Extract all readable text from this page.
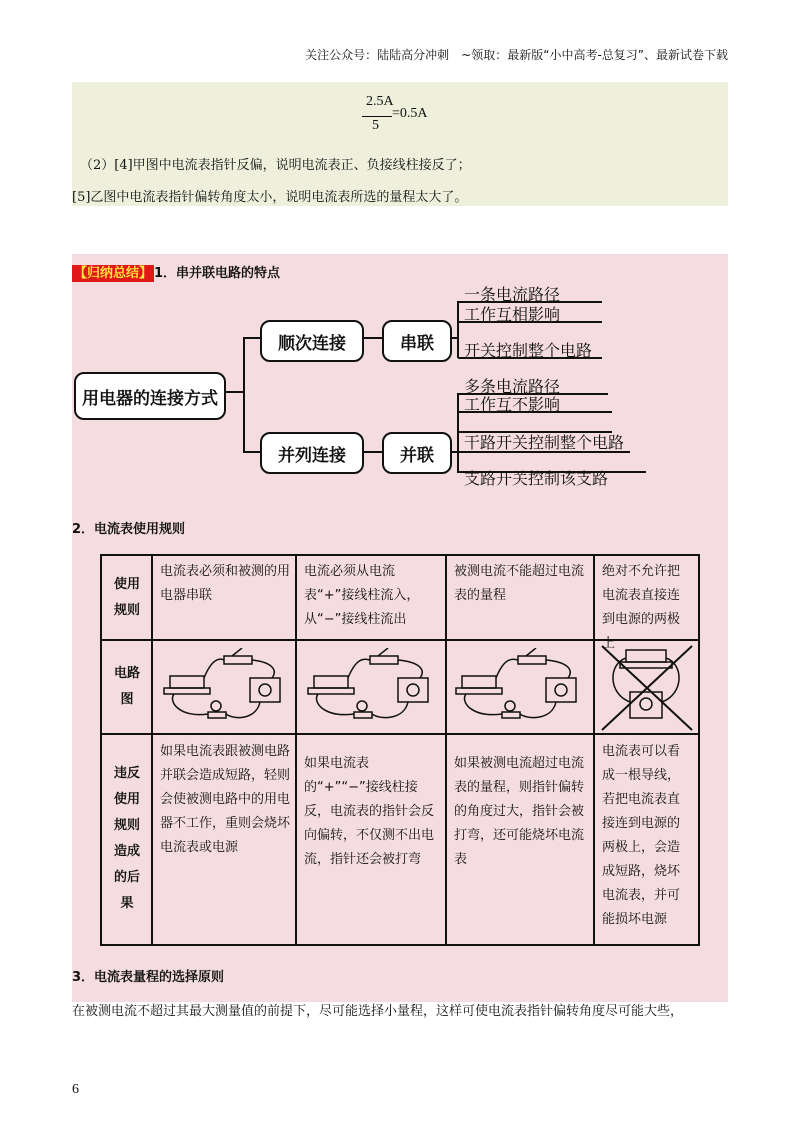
关注公众号：陆陆高分冲刺　~领取：最新版“小中高考-总复习”、最新试卷下载
2.5A
5
=0.5A
（2）[4]甲图中电流表指针反偏，说明电流表正、负接线柱接反了；
[5]乙图中电流表指针偏转角度太小，说明电流表所选的量程太大了。
【归纳总结】 1．串并联电路的特点
用电器的连接方式
顺次连接	串联
并列连接	并联
一条电流路径
工作互相影响
开关控制整个电路
多条电流路径
工作互不影响
干路开关控制整个电路
支路开关控制该支路
2．电流表使用规则
使用规则
电路图
违反使用规则造成的后果
电流表必须和被测的用电器串联
电流必须从电流表“+”接线柱流入，从“−”接线柱流出
被测电流不能超过电流表的量程
绝对不允许把电流表直接连到电源的两极上
如果电流表跟被测电路并联会造成短路，轻则会使被测电路中的用电器不工作，重则会烧坏电流表或电源
如果电流表的“+”“−”接线柱接反，电流表的指针会反向偏转，不仅测不出电流，指针还会被打弯
如果被测电流超过电流表的量程，则指针偏转的角度过大，指针会被打弯，还可能烧坏电流表
电流表可以看成一根导线，若把电流表直接连到电源的两极上，会造成短路，烧坏电流表，并可能损坏电源
3．电流表量程的选择原则
在被测电流不超过其最大测量值的前提下，尽可能选择小量程，这样可使电流表指针偏转角度尽可能大些，
6
